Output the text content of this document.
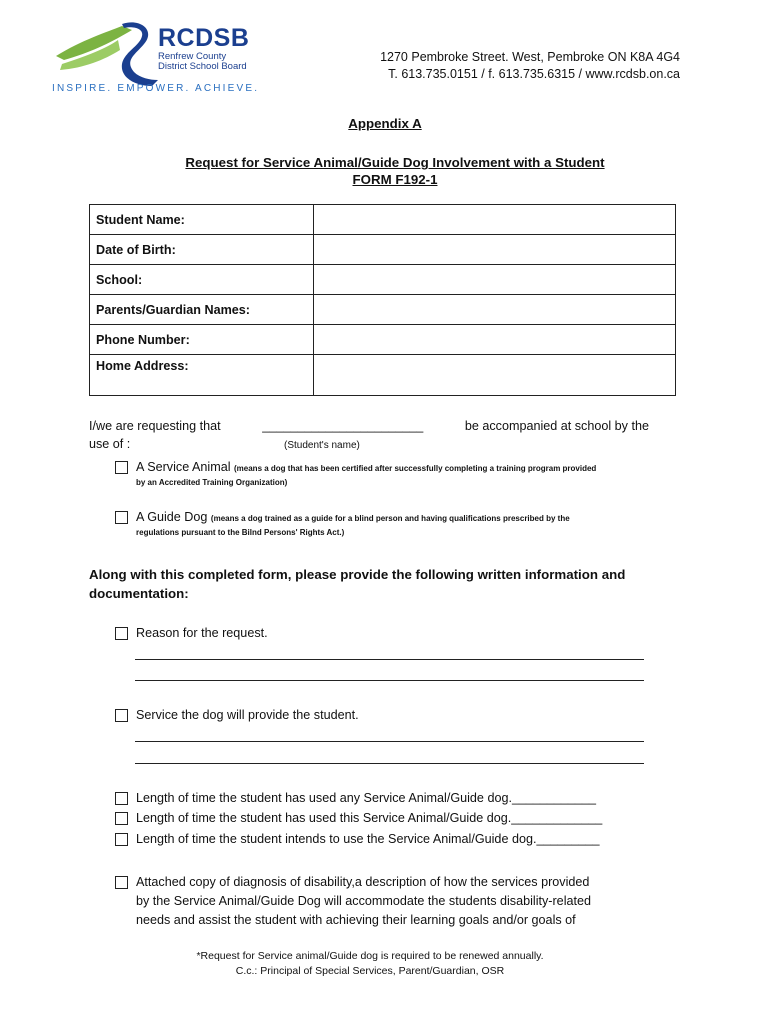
RCDSB
Renfrew County
District School Board
INSPIRE. EMPOWER. ACHIEVE.
1270 Pembroke Street. West, Pembroke ON K8A 4G4
T. 613.735.0151 / f. 613.735.6315 / www.rcdsb.on.ca
Appendix A
Request for Service Animal/Guide Dog Involvement with a Student
FORM F192-1
Student Name:	
Date of Birth:	
School:	
Parents/Guardian Names:	
Phone Number:	
Home Address:	
I/we are requesting that	_______________________	be accompanied at school by the
use of :	(Student's name)
A Service Animal (means a dog that has been certified after successfully completing a training program provided
by an Accredited Training Organization)
A Guide Dog (means a dog trained as a guide for a blind person and having qualifications prescribed by the
regulations pursuant to the Bilnd Persons' Rights Act.)
Along with this completed form, please provide the following written information and
documentation:
Reason for the request.
Service the dog will provide the student.
Length of time the student has used any Service Animal/Guide dog.____________
Length of time the student has used this Service Animal/Guide dog._____________
Length of time the student intends to use the Service Animal/Guide dog._________
Attached copy of diagnosis of disability,a description of how the services provided
by the Service Animal/Guide Dog will accommodate the students disability-related
needs and assist the student with achieving their learning goals and/or goals of
*Request for Service animal/Guide dog is required to be renewed annually.
C.c.: Principal of Special Services, Parent/Guardian, OSR
